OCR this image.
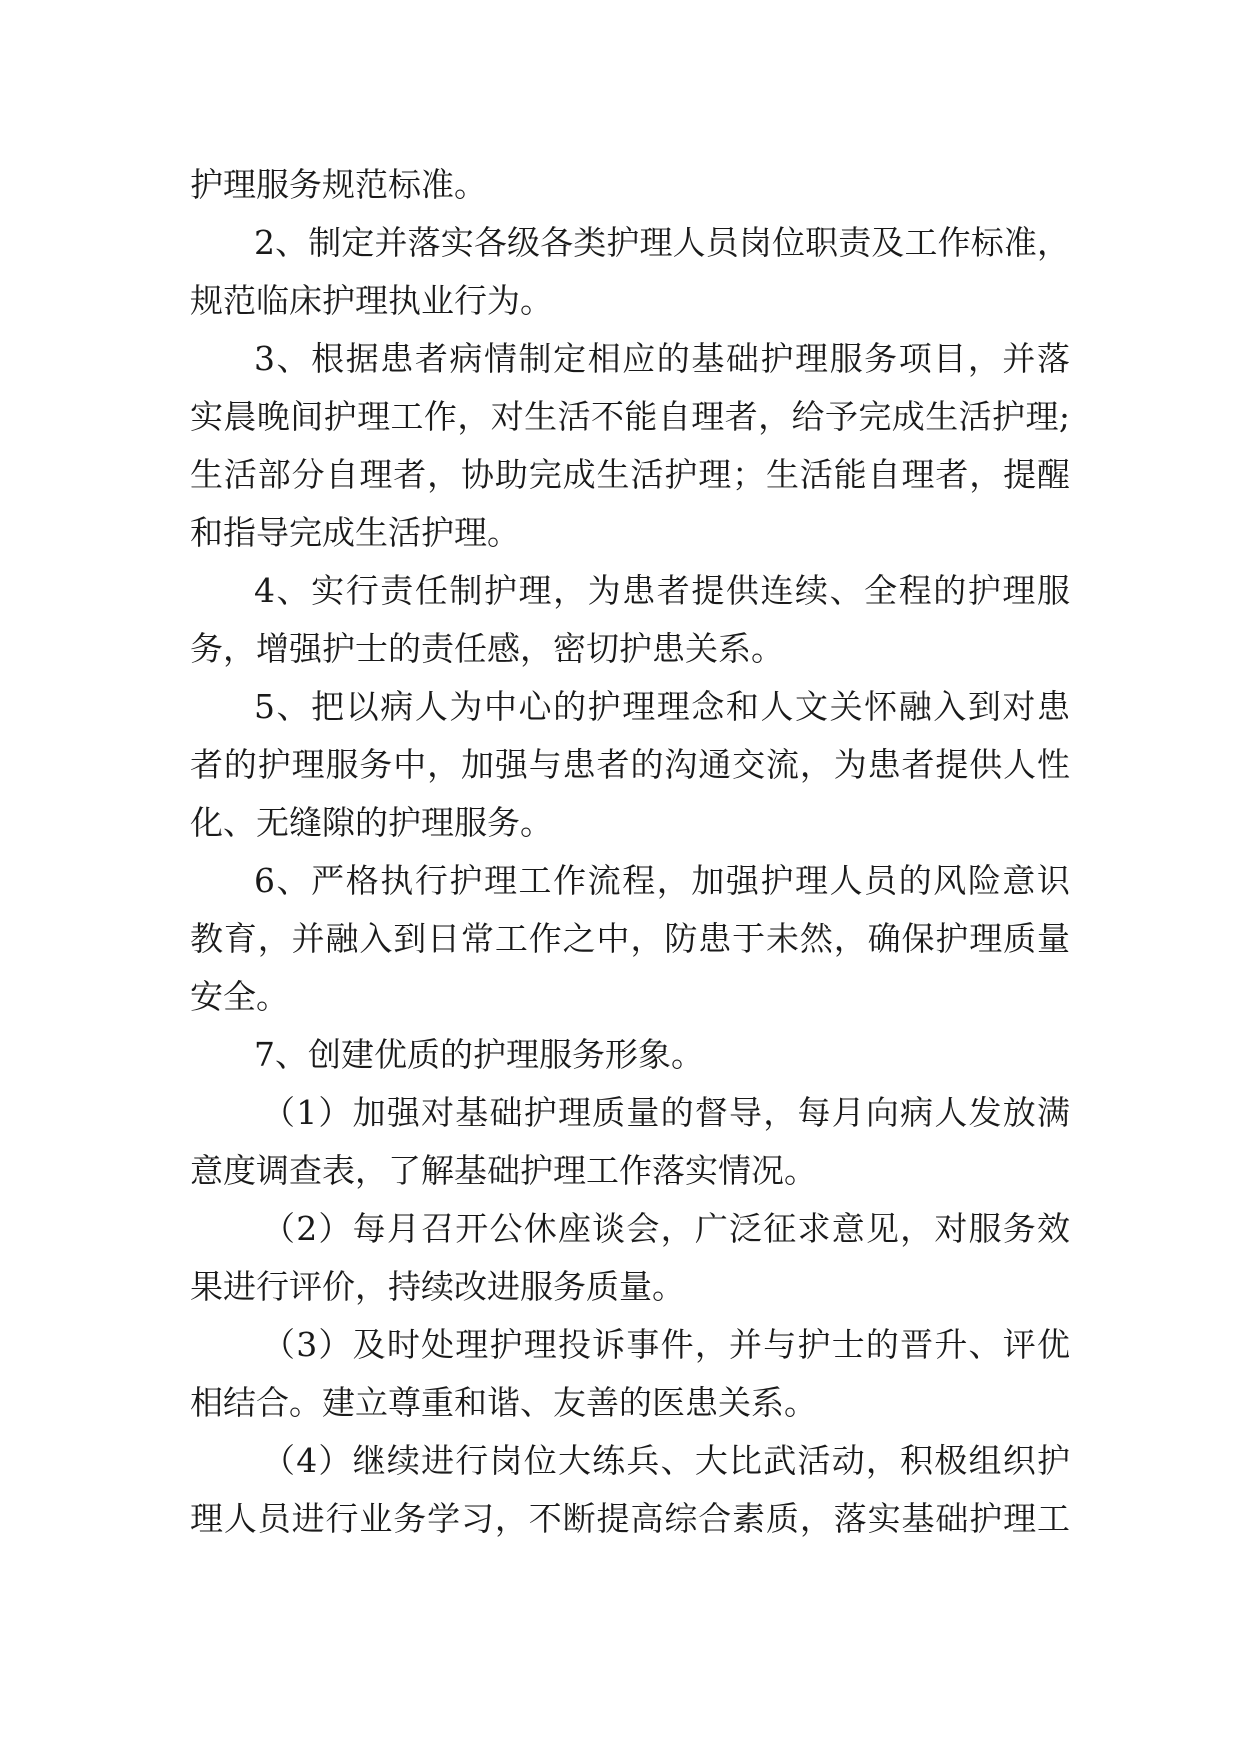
护理服务规范标准。
2、制定并落实各级各类护理人员岗位职责及工作标准，
规范临床护理执业行为。
3、根据患者病情制定相应的基础护理服务项目，并落
实晨晚间护理工作，对生活不能自理者，给予完成生活护理;
生活部分自理者，协助完成生活护理；生活能自理者，提醒
和指导完成生活护理。
4、实行责任制护理，为患者提供连续、全程的护理服
务，增强护士的责任感，密切护患关系。
5、把以病人为中心的护理理念和人文关怀融入到对患
者的护理服务中，加强与患者的沟通交流，为患者提供人性
化、无缝隙的护理服务。
6、严格执行护理工作流程，加强护理人员的风险意识
教育，并融入到日常工作之中，防患于未然，确保护理质量
安全。
7、创建优质的护理服务形象。
（1）加强对基础护理质量的督导，每月向病人发放满
意度调查表，了解基础护理工作落实情况。
（2）每月召开公休座谈会，广泛征求意见，对服务效
果进行评价，持续改进服务质量。
（3）及时处理护理投诉事件，并与护士的晋升、评优
相结合。建立尊重和谐、友善的医患关系。
（4）继续进行岗位大练兵、大比武活动，积极组织护
理人员进行业务学习，不断提高综合素质，落实基础护理工
